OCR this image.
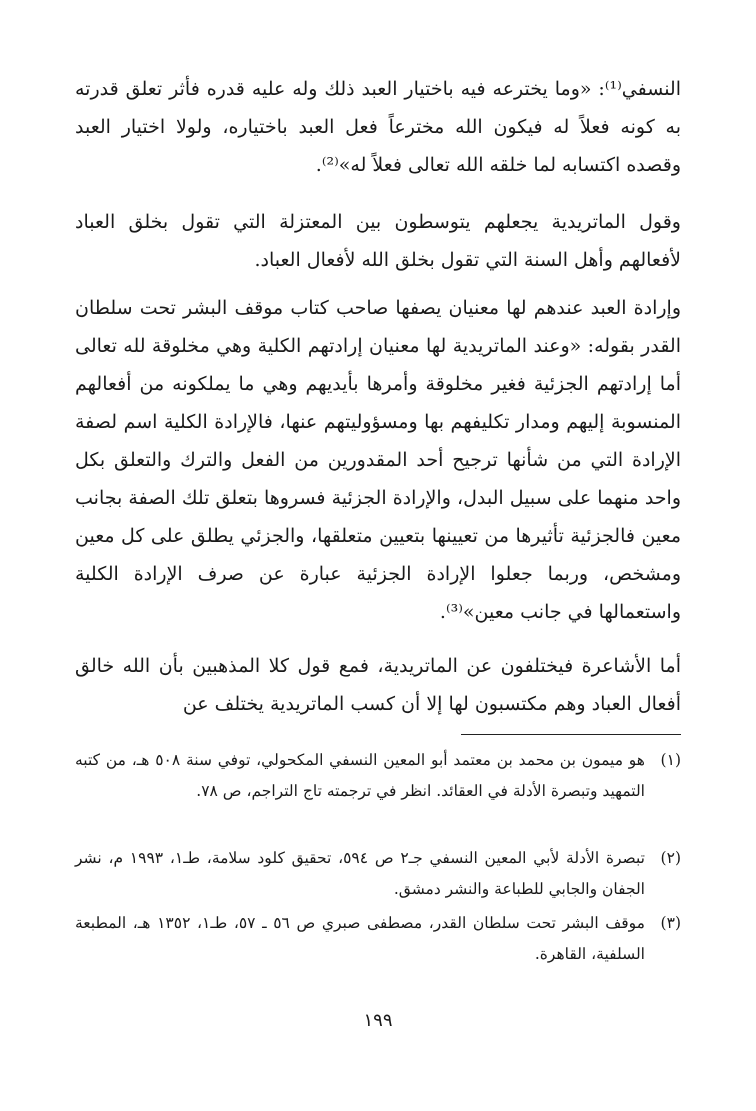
النسفي⁽¹⁾: «وما يخترعه فيه باختيار العبد ذلك وله عليه قدره فأثر تعلق قدرته به كونه فعلاً له فيكون الله مخترعاً فعل العبد باختياره، ولولا اختيار العبد وقصده اكتسابه لما خلقه الله تعالى فعلاً له»⁽²⁾.

وقول الماتريدية يجعلهم يتوسطون بين المعتزلة التي تقول بخلق العباد لأفعالهم وأهل السنة التي تقول بخلق الله لأفعال العباد.

وإرادة العبد عندهم لها معنيان يصفها صاحب كتاب موقف البشر تحت سلطان القدر بقوله: «وعند الماتريدية لها معنيان إرادتهم الكلية وهي مخلوقة لله تعالى أما إرادتهم الجزئية فغير مخلوقة وأمرها بأيديهم وهي ما يملكونه من أفعالهم المنسوبة إليهم ومدار تكليفهم بها ومسؤوليتهم عنها، فالإرادة الكلية اسم لصفة الإرادة التي من شأنها ترجيح أحد المقدورين من الفعل والترك والتعلق بكل واحد منهما على سبيل البدل، والإرادة الجزئية فسروها بتعلق تلك الصفة بجانب معين فالجزئية تأثيرها من تعيينها بتعيين متعلقها، والجزئي يطلق على كل معين ومشخص، وربما جعلوا الإرادة الجزئية عبارة عن صرف الإرادة الكلية واستعمالها في جانب معين»⁽³⁾.

أما الأشاعرة فيختلفون عن الماتريدية، فمع قول كلا المذهبين بأن الله خالق أفعال العباد وهم مكتسبون لها إلا أن كسب الماتريدية يختلف عن

(١)
هو ميمون بن محمد بن معتمد أبو المعين النسفي المكحولي، توفي سنة ٥٠٨ هـ، من كتبه التمهيد وتبصرة الأدلة في العقائد. انظر في ترجمته تاج التراجم، ص ٧٨.
(٢)
تبصرة الأدلة لأبي المعين النسفي جـ٢ ص ٥٩٤، تحقيق كلود سلامة، طـ١، ١٩٩٣ م، نشر الجفان والجابي للطباعة والنشر دمشق.
(٣)
موقف البشر تحت سلطان القدر، مصطفى صبري ص ٥٦ ـ ٥٧، طـ١، ١٣٥٢ هـ، المطبعة السلفية، القاهرة.
١٩٩
